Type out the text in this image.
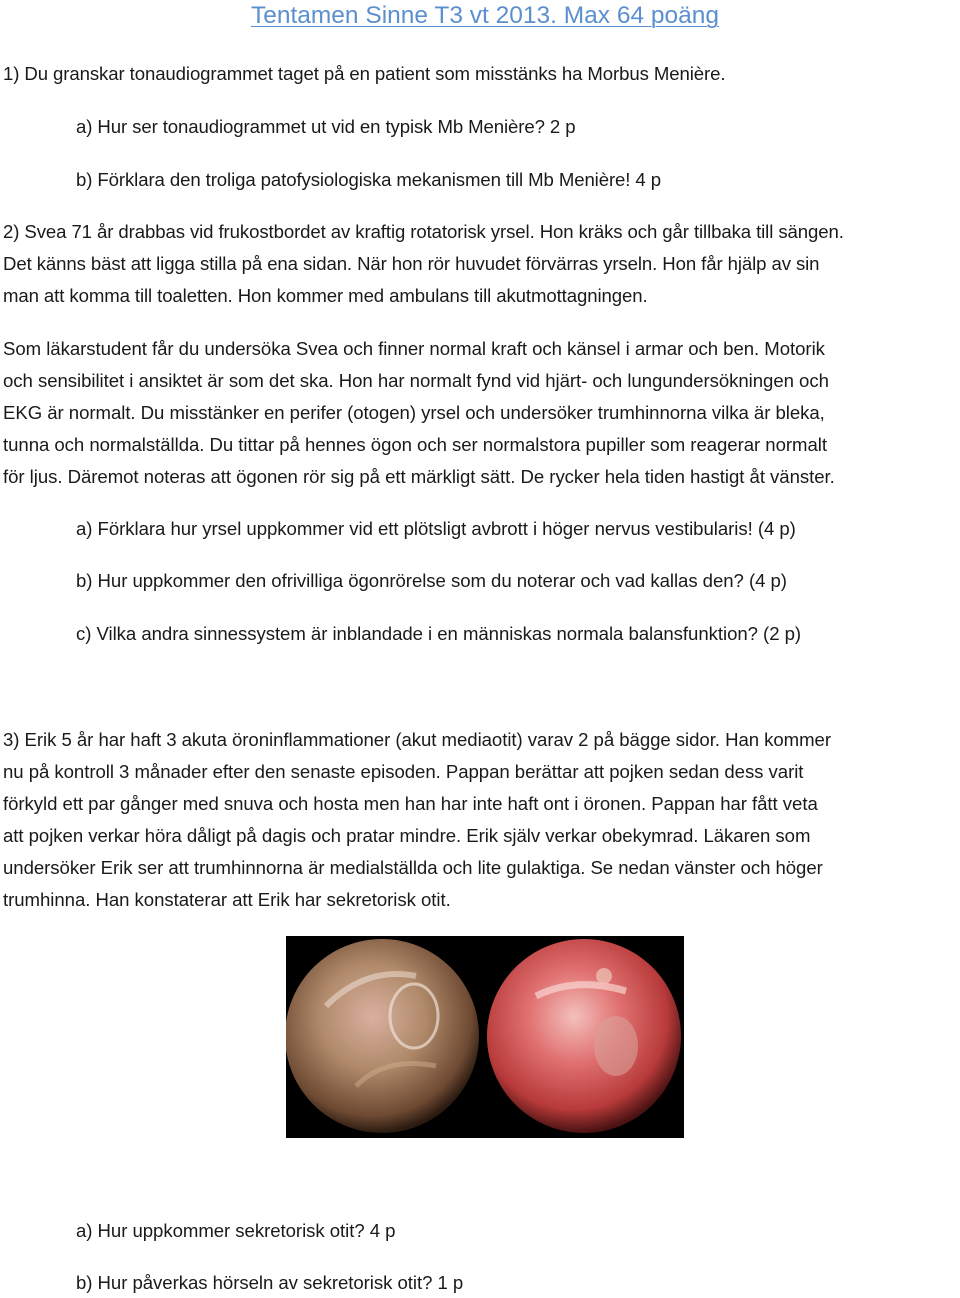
Tentamen Sinne T3 vt 2013. Max 64 poäng
1) Du granskar tonaudiogrammet taget på en patient som misstänks ha Morbus Menière.
a) Hur ser tonaudiogrammet ut vid en typisk Mb Menière? 2 p
b) Förklara den troliga patofysiologiska mekanismen till Mb Menière! 4 p
2) Svea 71 år drabbas vid frukostbordet av kraftig rotatorisk yrsel. Hon kräks och går tillbaka till sängen.
Det känns bäst att ligga stilla på ena sidan. När hon rör huvudet förvärras yrseln. Hon får hjälp av sin
man att komma till toaletten. Hon kommer med ambulans till akutmottagningen.
Som läkarstudent får du undersöka Svea och finner normal kraft och känsel i armar och ben. Motorik
och sensibilitet i ansiktet är som det ska. Hon har normalt fynd vid hjärt- och lungundersökningen och
EKG är normalt. Du misstänker en perifer (otogen) yrsel och undersöker trumhinnorna vilka är bleka,
tunna och normalställda. Du tittar på hennes ögon och ser normalstora pupiller som reagerar normalt
för ljus. Däremot noteras att ögonen rör sig på ett märkligt sätt. De rycker hela tiden hastigt åt vänster.
a) Förklara hur yrsel uppkommer vid ett plötsligt avbrott i höger nervus vestibularis! (4 p)
b) Hur uppkommer den ofrivilliga ögonrörelse som du noterar och vad kallas den? (4 p)
c) Vilka andra sinnessystem är inblandade i en människas normala balansfunktion? (2 p)
3) Erik 5 år har haft 3 akuta öroninflammationer (akut mediaotit) varav 2 på bägge sidor. Han kommer
nu på kontroll 3 månader efter den senaste episoden. Pappan berättar att pojken sedan dess varit
förkyld ett par gånger med snuva och hosta men han har inte haft ont i öronen. Pappan har fått veta
att pojken verkar höra dåligt på dagis och pratar mindre. Erik själv verkar obekymrad. Läkaren som
undersöker Erik ser att trumhinnorna är medialställda och lite gulaktiga. Se nedan vänster och höger
trumhinna. Han konstaterar att Erik har sekretorisk otit.
a) Hur uppkommer sekretorisk otit? 4 p
b) Hur påverkas hörseln av sekretorisk otit? 1 p
